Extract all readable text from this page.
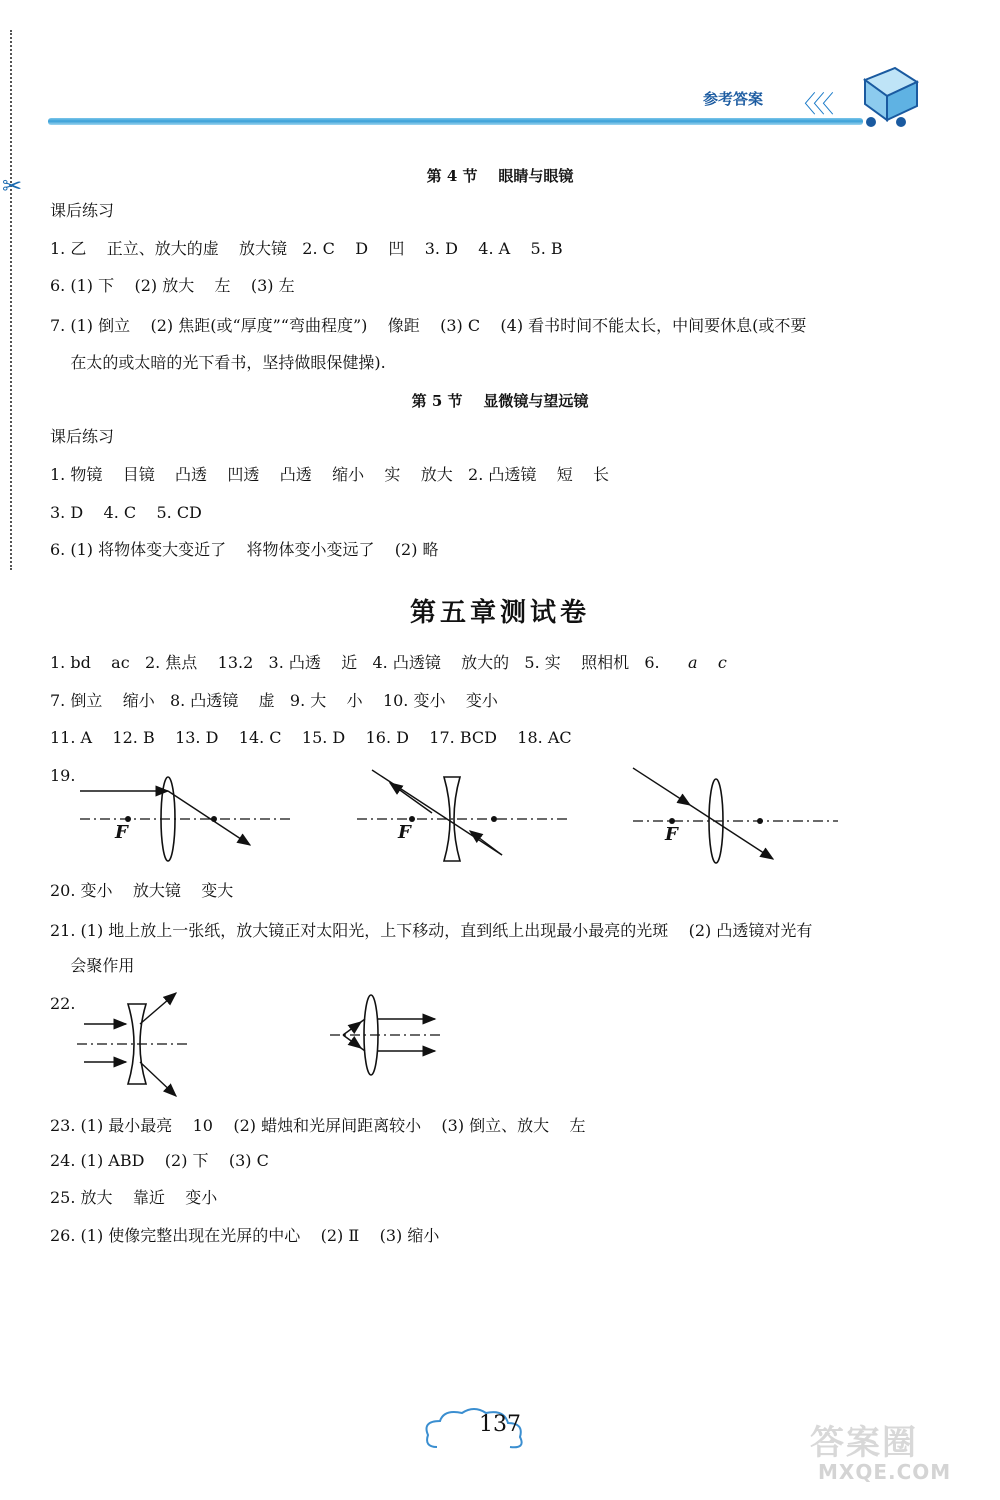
✂
参考答案 〈〈〈
第 4 节    眼睛与眼镜
课后练习
1. 乙    正立、放大的虚    放大镜   2. C    D    凹    3. D    4. A    5. B
6. (1) 下    (2) 放大    左    (3) 左
7. (1) 倒立    (2) 焦距(或“厚度”“弯曲程度”)    像距    (3) C    (4) 看书时间不能太长，中间要休息(或不要
在太的或太暗的光下看书，坚持做眼保健操).
第 5 节    显微镜与望远镜
课后练习
1. 物镜    目镜    凸透    凹透    凸透    缩小    实    放大   2. 凸透镜    短    长
3. D    4. C    5. CD
6. (1) 将物体变大变近了    将物体变小变远了    (2) 略
第五章测试卷
1. bd    ac   2. 焦点    13.2   3. 凸透    近   4. 凸透镜    放大的   5. 实    照相机   6. a    c
7. 倒立    缩小   8. 凸透镜    虚   9. 大    小    10. 变小    变小
11. A    12. B    13. D    14. C    15. D    16. D    17. BCD    18. AC
19.
F	F	F
20. 变小    放大镜    变大
21. (1) 地上放上一张纸，放大镜正对太阳光，上下移动，直到纸上出现最小最亮的光斑    (2) 凸透镜对光有
会聚作用
22.
23. (1) 最小最亮    10    (2) 蜡烛和光屏间距离较小    (3) 倒立、放大    左
24. (1) ABD    (2) 下    (3) C
25. 放大    靠近    变小
26. (1) 使像完整出现在光屏的中心    (2) Ⅱ    (3) 缩小
137	答案圈
MXQE.COM
